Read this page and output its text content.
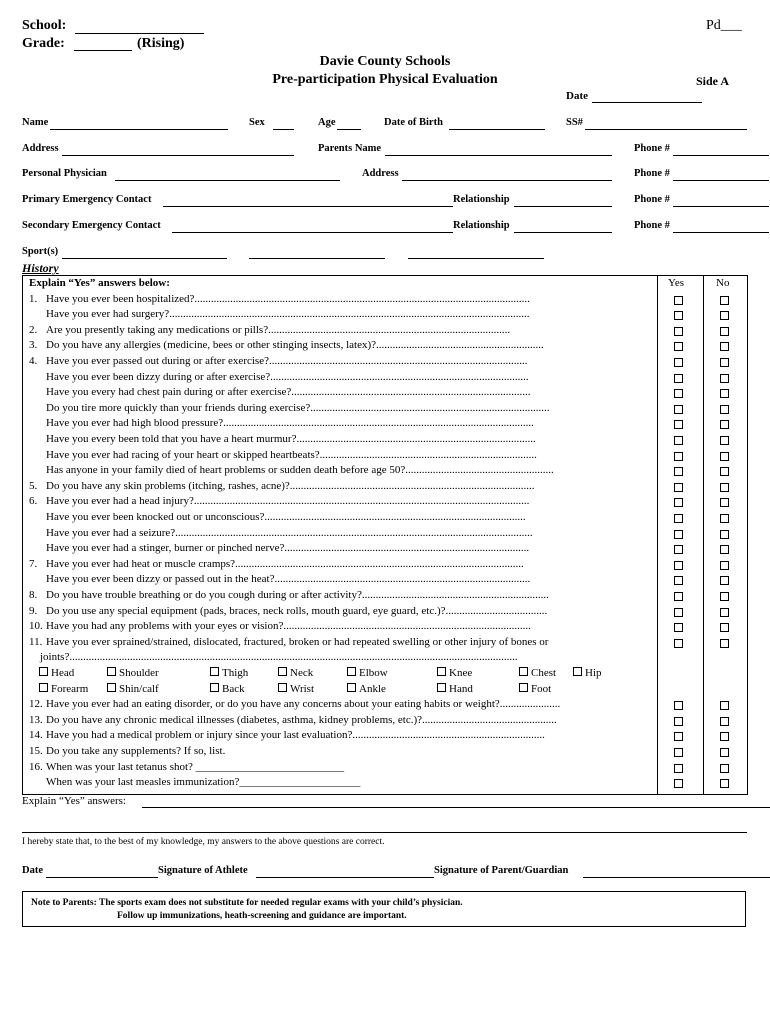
School:	Pd___
Grade:	(Rising)
Davie County Schools
Pre-participation Physical Evaluation	Side A
Date
Name	Sex	Age	Date of Birth	SS#
Address	Parents Name	Phone #
Personal Physician	Address	Phone #
Primary Emergency Contact	Relationship	Phone #
Secondary Emergency Contact	Relationship	Phone #
Sport(s)
History
Explain “Yes” answers below:	Yes	No
1. Have you ever been hospitalized?..........................................................................................................................
Have you ever had surgery?...................................................................................................................................
2. Are you presently taking any medications or pills?........................................................................................
3. Do you have any allergies (medicine, bees or other stinging insects, latex)?.............................................................
4. Have you ever passed out during or after exercise?..............................................................................................
Have you ever been dizzy during or after exercise?..............................................................................................
Have you every had chest pain during or after exercise?.......................................................................................
Do you tire more quickly than your friends during exercise?.......................................................................................
Have you ever had high blood pressure?.................................................................................................................
Have you every been told that you have a heart murmur?.......................................................................................
Have you ever had racing of your heart or skipped heartbeats?...............................................................................
Has anyone in your family died of heart problems or sudden death before age 50?......................................................
5. Do you have any skin problems (itching, rashes, acne)?.........................................................................................
6. Have you ever had a head injury?..........................................................................................................................
Have you ever been knocked out or unconscious?...............................................................................................
Have you ever had a seizure?..................................................................................................................................
Have you ever had a stinger, burner or pinched nerve?.........................................................................................
7. Have you ever had heat or muscle cramps?.........................................................................................................
Have you ever been dizzy or passed out in the heat?.............................................................................................
8. Do you have trouble breathing or do you cough during or after activity?....................................................................
9. Do you use any special equipment (pads, braces, neck rolls, mouth guard, eye guard, etc.)?.....................................
10. Have you had any problems with your eyes or vision?..........................................................................................
11. Have you ever sprained/strained, dislocated, fractured, broken or had repeated swelling or other injury of bones or
joints?...................................................................................................................................................................
Head	Shoulder	Thigh	Neck	Elbow	Knee	Chest	Hip
Forearm	Shin/calf	Back	Wrist	Ankle	Hand	Foot
12. Have you ever had an eating disorder, or do you have any concerns about your eating habits or weight?......................
13. Do you have any chronic medical illnesses (diabetes, asthma, kidney problems, etc.)?.................................................
14. Have you had a medical problem or injury since your last evaluation?......................................................................
15. Do you take any supplements? If so, list.
16. When was your last tetanus shot? ___________________________
When was your last measles immunization?______________________
Explain “Yes” answers:
I hereby state that, to the best of my knowledge, my answers to the above questions are correct.
Date	Signature of Athlete	Signature of Parent/Guardian
Note to Parents: The sports exam does not substitute for needed regular exams with your child’s physician.
Follow up immunizations, heath-screening and guidance are important.
